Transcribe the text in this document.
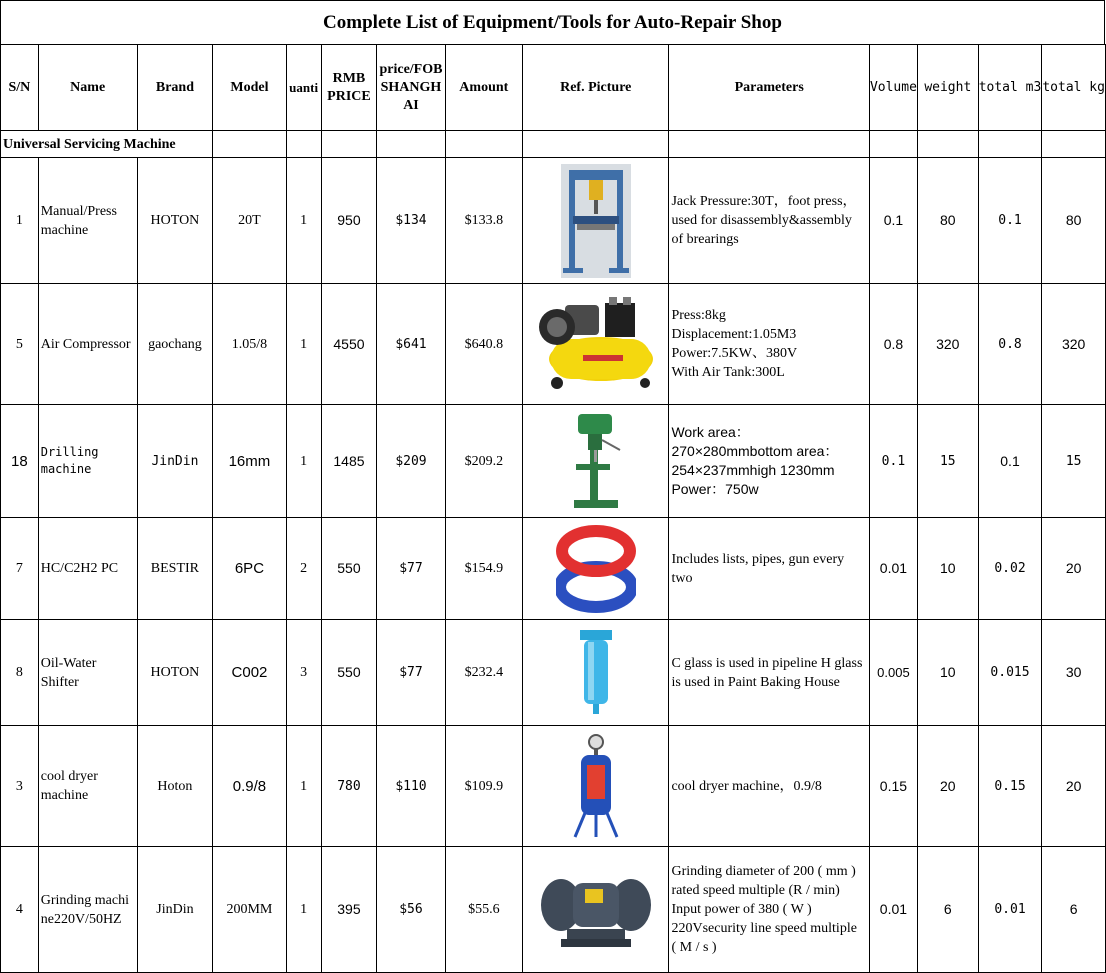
Complete List of Equipment/Tools for Auto-Repair Shop
S/N	Name	Brand	Model	uanti	RMB PRICE	price/FOB SHANGHAI	Amount	Ref. Picture	Parameters	Volume	weight	total m3	total kg
Universal Servicing Machine													
1	Manual/Press machine	HOTON	20T	1	950	$134	$133.8		Jack Pressure:30T，foot press，used for disassembly&assembly of brearings	0.1	80	0.1	80
5	Air Compressor	gaochang	1.05/8	1	4550	$641	$640.8		Press:8kg
Displacement:1.05M3
Power:7.5KW、380V
With Air Tank:300L	0.8	320	0.8	320
18	Drilling machine	JinDin	16mm	1	1485	$209	$209.2		Work area：
270×280mmbottom area：
254×237mmhigh 1230mm
Power：750w	0.1	15	0.1	15
7	HC/C2H2 PC	BESTIR	6PC	2	550	$77	$154.9		Includes lists, pipes, gun every two	0.01	10	0.02	20
8	Oil-Water Shifter	HOTON	C002	3	550	$77	$232.4		C glass is used in pipeline H glass is used in Paint Baking House	0.005	10	0.015	30
3	cool dryer machine	Hoton	0.9/8	1	780	$110	$109.9		cool dryer machine，0.9/8	0.15	20	0.15	20
4	Grinding machine220V/50HZ	JinDin	200MM	1	395	$56	$55.6		Grinding diameter of 200 ( mm )
rated speed multiple (R / min)
Input power of 380 ( W )
220Vsecurity line speed multiple
( M / s )	0.01	6	0.01	6
